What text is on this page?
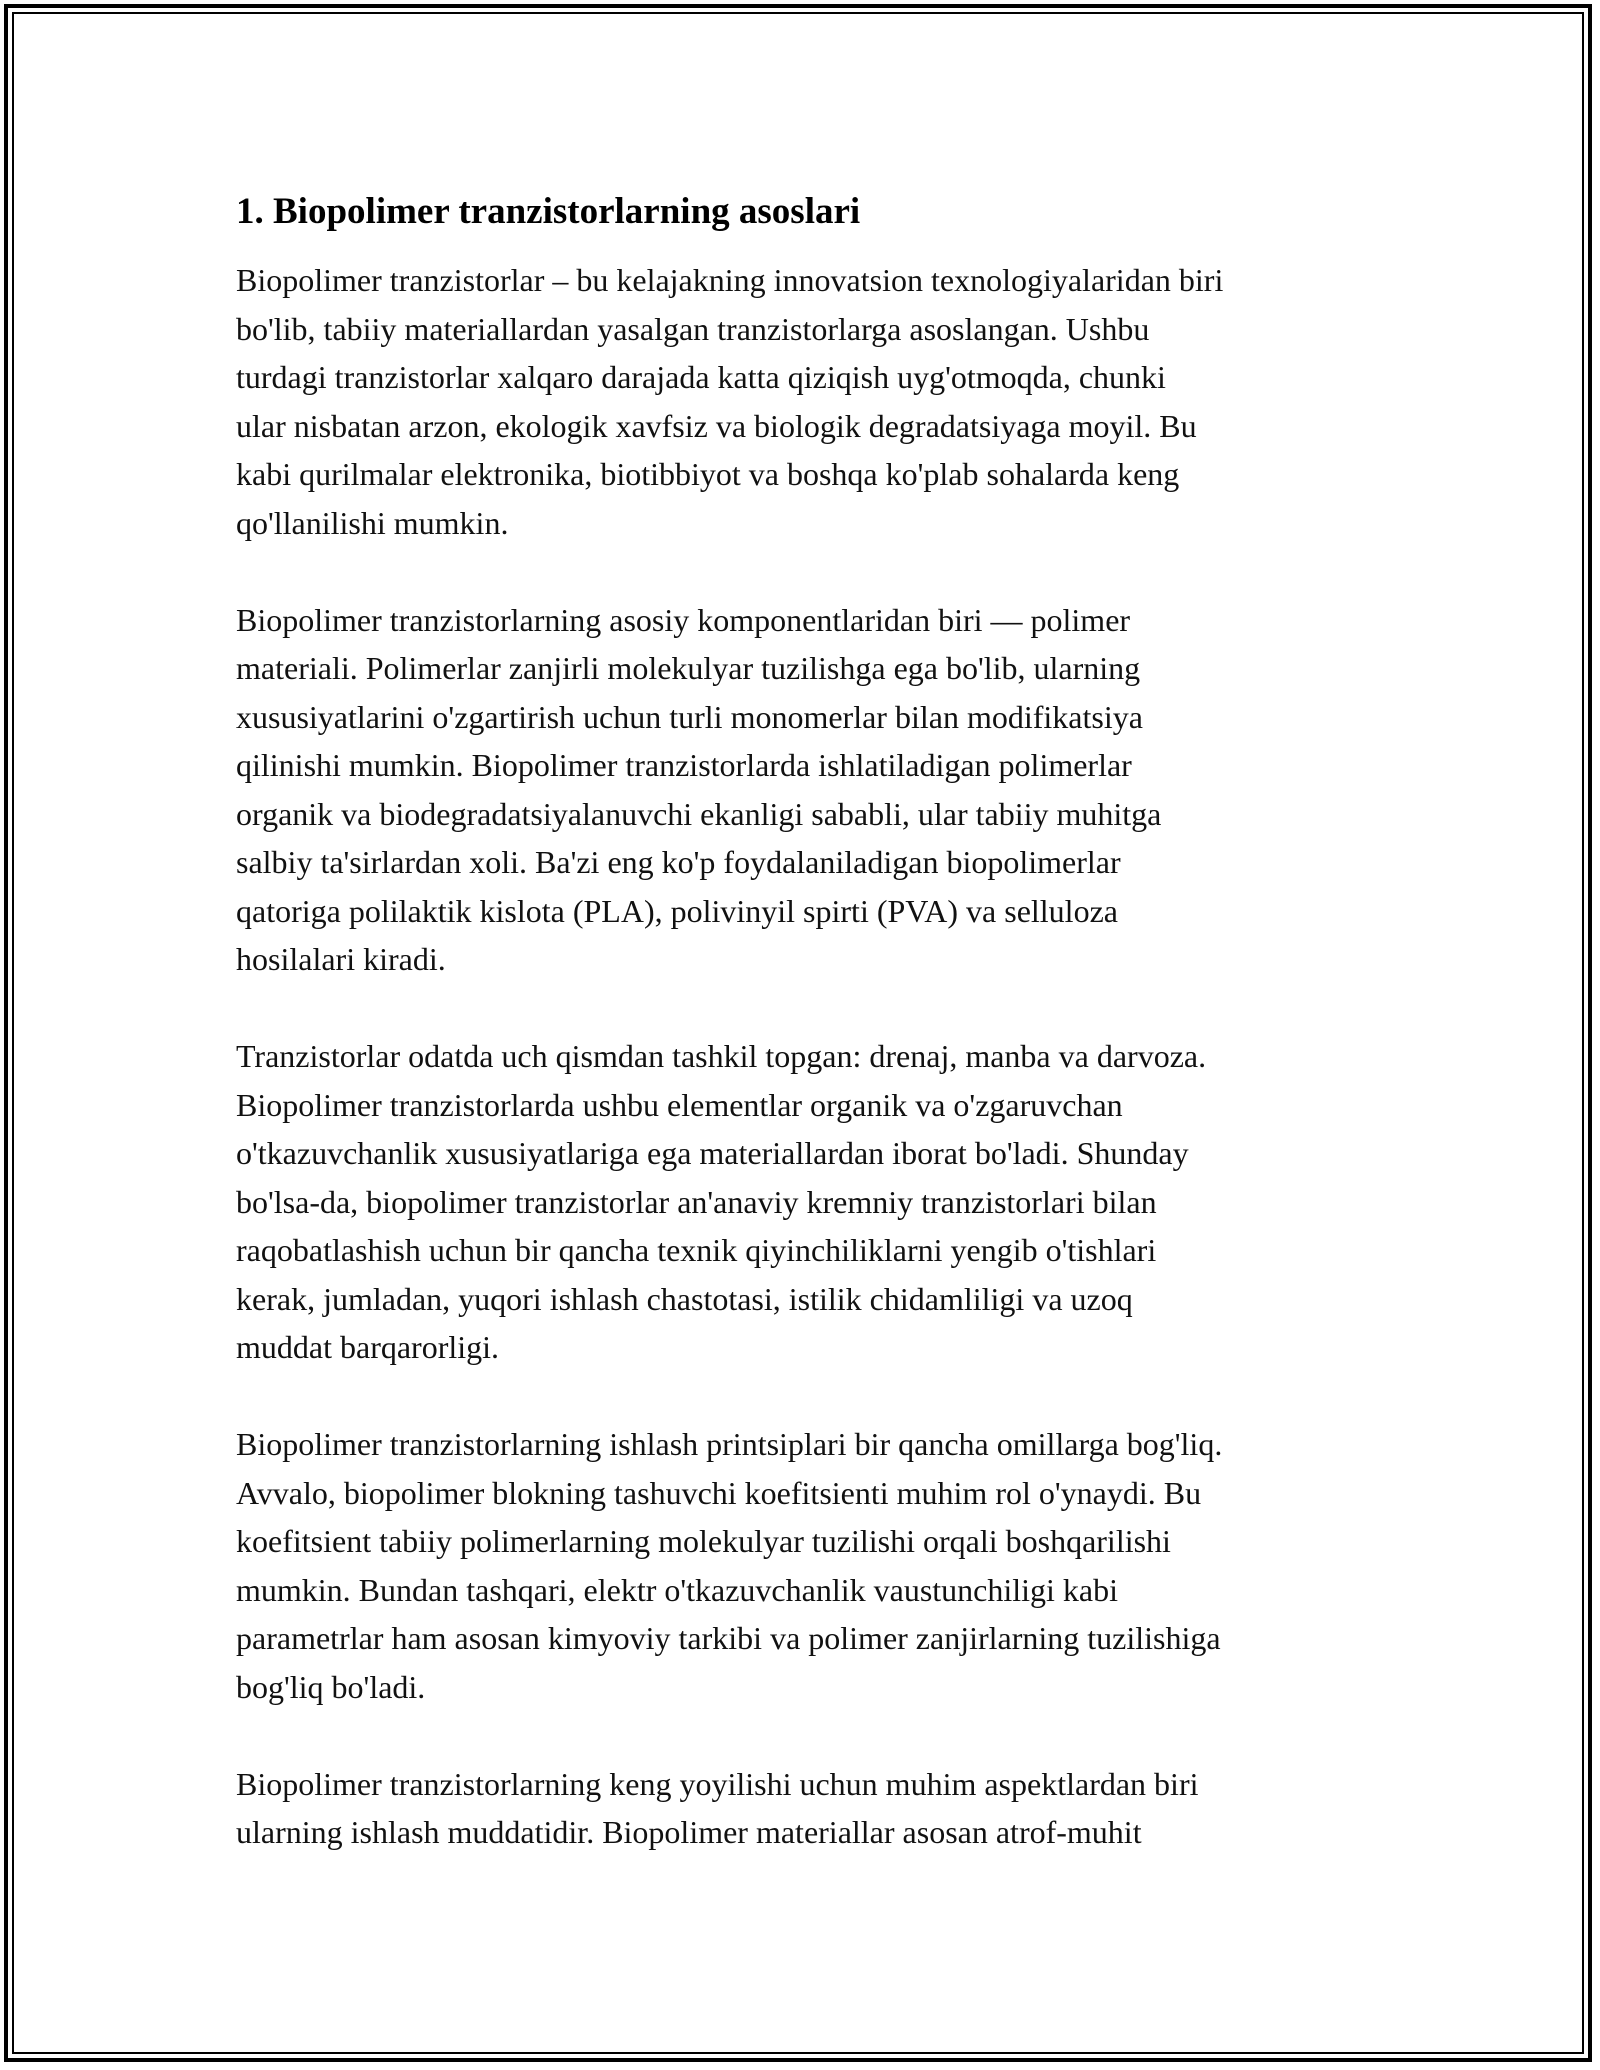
1. Biopolimer tranzistorlarning asoslari

Biopolimer tranzistorlar – bu kelajakning innovatsion texnologiyalaridan biri
bo'lib, tabiiy materiallardan yasalgan tranzistorlarga asoslangan. Ushbu
turdagi tranzistorlar xalqaro darajada katta qiziqish uyg'otmoqda, chunki
ular nisbatan arzon, ekologik xavfsiz va biologik degradatsiyaga moyil. Bu
kabi qurilmalar elektronika, biotibbiyot va boshqa ko'plab sohalarda keng
qo'llanilishi mumkin.

Biopolimer tranzistorlarning asosiy komponentlaridan biri — polimer
materiali. Polimerlar zanjirli molekulyar tuzilishga ega bo'lib, ularning
xususiyatlarini o'zgartirish uchun turli monomerlar bilan modifikatsiya
qilinishi mumkin. Biopolimer tranzistorlarda ishlatiladigan polimerlar
organik va biodegradatsiyalanuvchi ekanligi sababli, ular tabiiy muhitga
salbiy ta'sirlardan xoli. Ba'zi eng ko'p foydalaniladigan biopolimerlar
qatoriga polilaktik kislota (PLA), polivinyil spirti (PVA) va selluloza
hosilalari kiradi.

Tranzistorlar odatda uch qismdan tashkil topgan: drenaj, manba va darvoza.
Biopolimer tranzistorlarda ushbu elementlar organik va o'zgaruvchan
o'tkazuvchanlik xususiyatlariga ega materiallardan iborat bo'ladi. Shunday
bo'lsa-da, biopolimer tranzistorlar an'anaviy kremniy tranzistorlari bilan
raqobatlashish uchun bir qancha texnik qiyinchiliklarni yengib o'tishlari
kerak, jumladan, yuqori ishlash chastotasi, istilik chidamliligi va uzoq
muddat barqarorligi.

Biopolimer tranzistorlarning ishlash printsiplari bir qancha omillarga bog'liq.
Avvalo, biopolimer blokning tashuvchi koefitsienti muhim rol o'ynaydi. Bu
koefitsient tabiiy polimerlarning molekulyar tuzilishi orqali boshqarilishi
mumkin. Bundan tashqari, elektr o'tkazuvchanlik vaustunchiligi kabi
parametrlar ham asosan kimyoviy tarkibi va polimer zanjirlarning tuzilishiga
bog'liq bo'ladi.

Biopolimer tranzistorlarning keng yoyilishi uchun muhim aspektlardan biri
ularning ishlash muddatidir. Biopolimer materiallar asosan atrof-muhit
